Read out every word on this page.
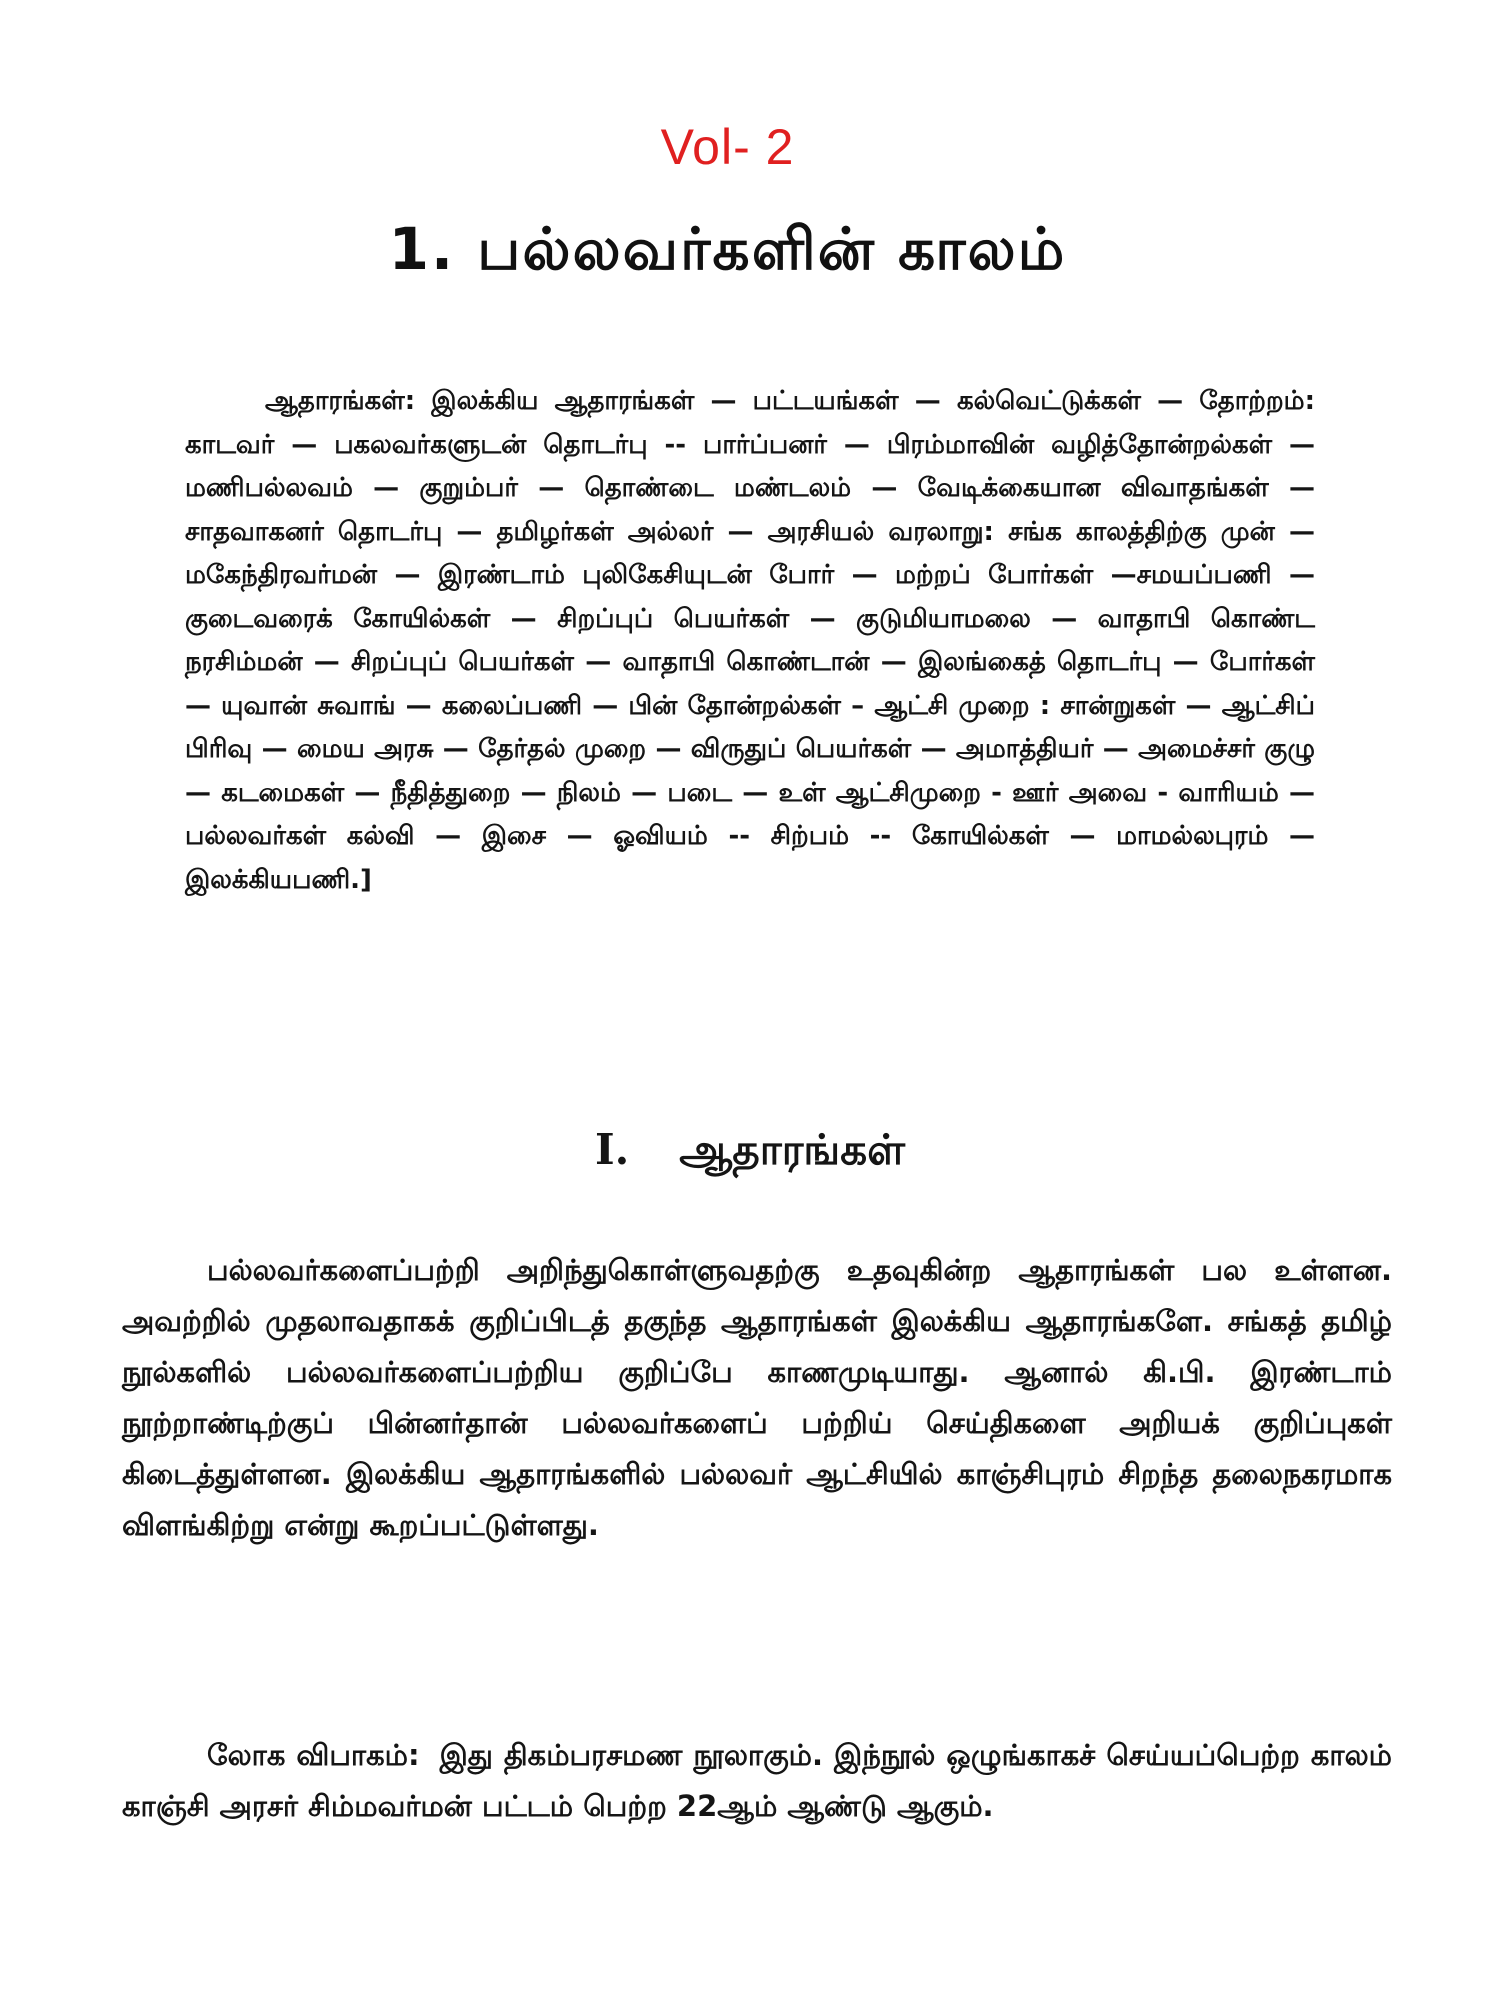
Vol- 2
1. பல்லவர்களின் காலம்

ஆதாரங்கள்: இலக்கிய ஆதாரங்கள் — பட்டயங்கள் — கல்வெட்டுக்கள் — தோற்றம்: காடவர் — பகலவர்களுடன் தொடர்பு -- பார்ப்பனர் — பிரம்மாவின் வழித்தோன்றல்கள் — மணிபல்லவம் — குறும்பர் — தொண்டை மண்டலம் — வேடிக்கையான விவாதங்கள் — சாதவாகனர் தொடர்பு — தமிழர்கள் அல்லர் — அரசியல் வரலாறு: சங்க காலத்திற்கு முன் — மகேந்திரவர்மன் — இரண்டாம் புலிகேசியுடன் போர் — மற்றப் போர்கள் —சமயப்பணி — குடைவரைக் கோயில்கள் — சிறப்புப் பெயர்கள் — குடுமியாமலை — வாதாபி கொண்ட நரசிம்மன் — சிறப்புப் பெயர்கள் — வாதாபி கொண்டான் — இலங்கைத் தொடர்பு — போர்கள் — யுவான் சுவாங் — கலைப்பணி — பின் தோன்றல்கள் – ஆட்சி முறை : சான்றுகள் — ஆட்சிப் பிரிவு — மைய அரசு — தேர்தல் முறை — விருதுப் பெயர்கள் — அமாத்தியர் — அமைச்சர் குழு — கடமைகள் — நீதித்துறை — நிலம் — படை — உள் ஆட்சிமுறை - ஊர் அவை - வாரியம் — பல்லவர்கள் கல்வி — இசை — ஓவியம் -- சிற்பம் -- கோயில்கள் — மாமல்லபுரம் — இலக்கியபணி.]

I. ஆதாரங்கள்

பல்லவர்களைப்பற்றி அறிந்துகொள்ளுவதற்கு உதவுகின்ற ஆதாரங்கள் பல உள்ளன. அவற்றில் முதலாவதாகக் குறிப்பிடத் தகுந்த ஆதாரங்கள் இலக்கிய ஆதாரங்களே. சங்கத் தமிழ் நூல்களில் பல்லவர்களைப்பற்றிய குறிப்பே காணமுடியாது. ஆனால் கி.பி. இரண்டாம் நூற்றாண்டிற்குப் பின்னர்தான் பல்லவர்களைப் பற்றிய் செய்திகளை அறியக் குறிப்புகள் கிடைத்துள்ளன. இலக்கிய ஆதாரங்களில் பல்லவர் ஆட்சியில் காஞ்சிபுரம் சிறந்த தலைநகரமாக விளங்கிற்று என்று கூறப்பட்டுள்ளது.

லோக விபாகம்: இது திகம்பரசமண நூலாகும். இந்நூல் ஒழுங்காகச் செய்யப்பெற்ற காலம் காஞ்சி அரசர் சிம்மவர்மன் பட்டம் பெற்ற 22ஆம் ஆண்டு ஆகும்.
